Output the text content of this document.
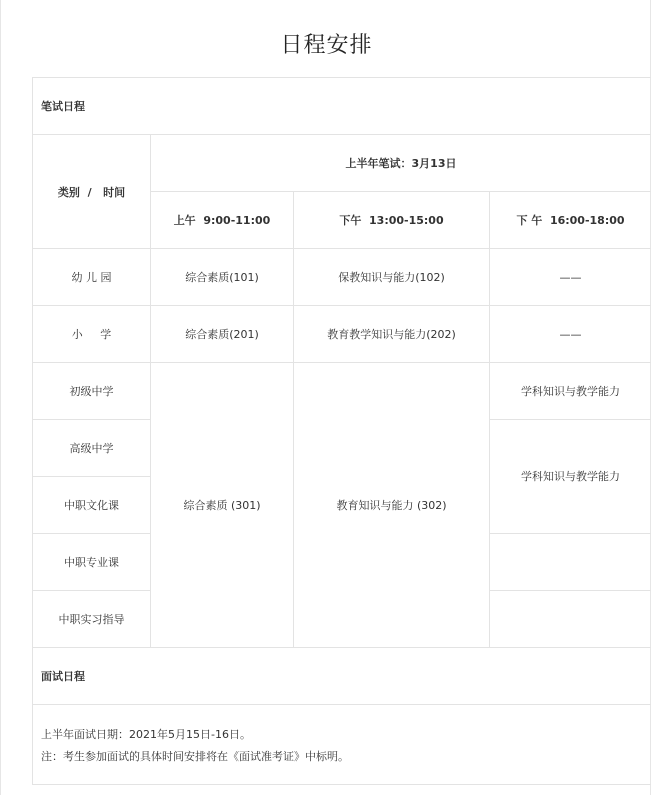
日程安排
笔试日程			
类别  /   时间	上半年笔试：3月13日		
	上午  9:00-11:00	下午  13:00-15:00	下 午  16:00-18:00
幼 儿 园	综合素质(101)	保教知识与能力(102)	——
小     学	综合素质(201)	教育教学知识与能力(202)	——
初级中学	综合素质 (301)	教育知识与能力 (302)	学科知识与教学能力
高级中学			学科知识与教学能力
中职文化课			
中职专业课			
中职实习指导			
面试日程			

上半年面试日期：2021年5月15日-16日。
注：考生参加面试的具体时间安排将在《面试准考证》中标明。			
